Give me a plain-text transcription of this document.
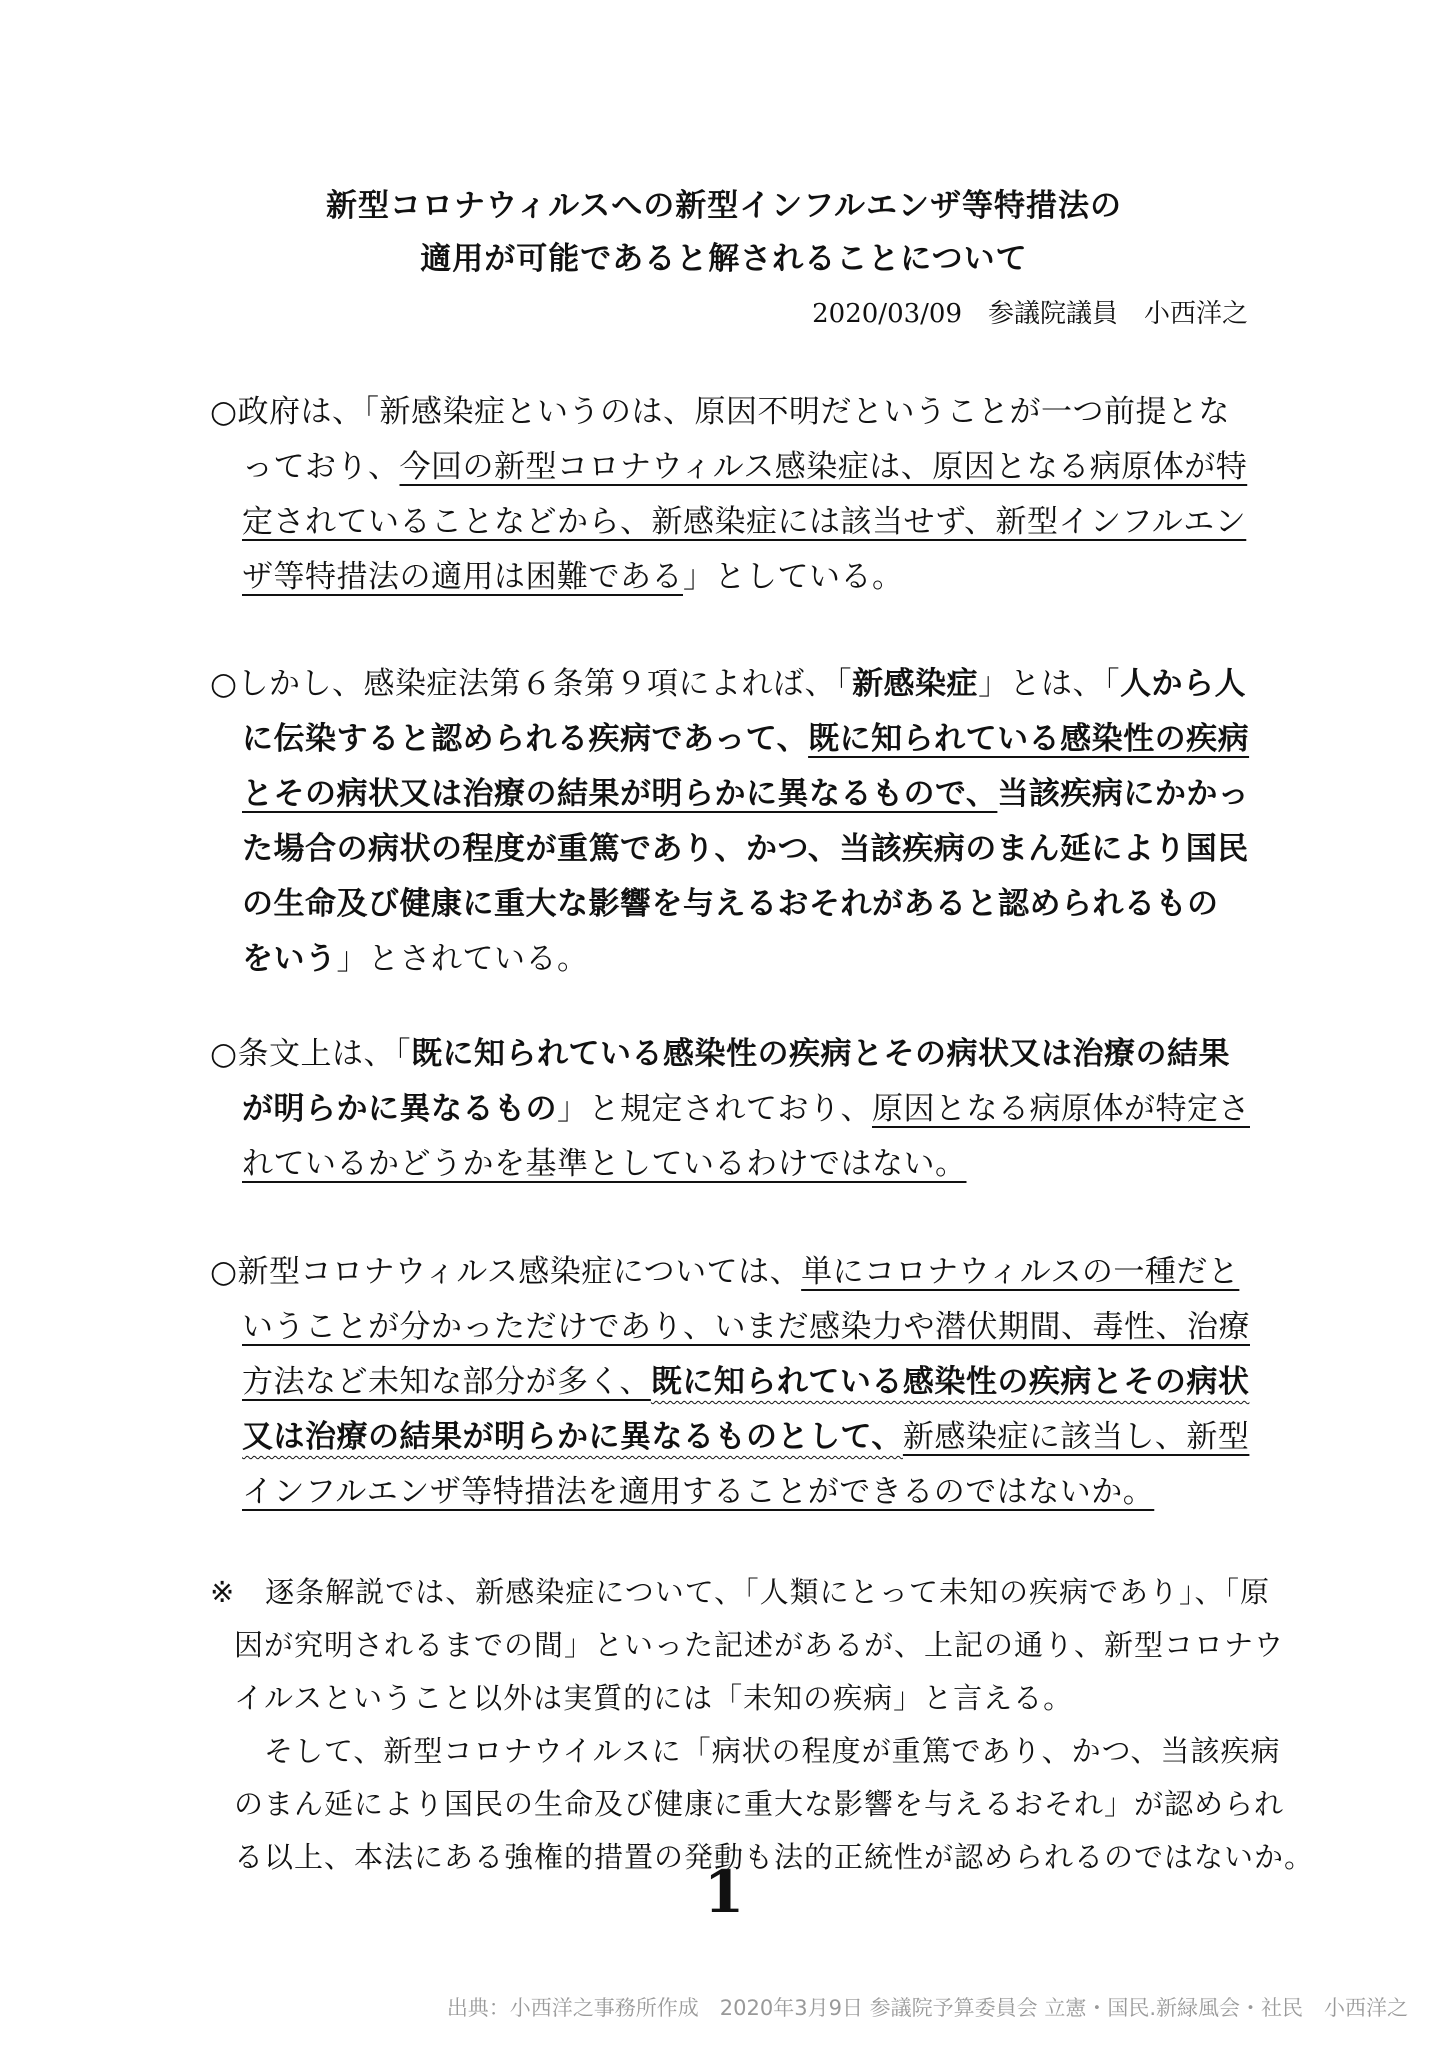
新型コロナウィルスへの新型インフルエンザ等特措法の
適用が可能であると解されることについて
2020/03/09　参議院議員　小西洋之
○政府は、「新感染症というのは、原因不明だということが一つ前提とな
っており、今回の新型コロナウィルス感染症は、原因となる病原体が特
定されていることなどから、新感染症には該当せず、新型インフルエン
ザ等特措法の適用は困難である」としている。
○しかし、感染症法第６条第９項によれば、「新感染症」とは、「人から人
に伝染すると認められる疾病であって、既に知られている感染性の疾病
とその病状又は治療の結果が明らかに異なるもので、当該疾病にかかっ
た場合の病状の程度が重篤であり、かつ、当該疾病のまん延により国民
の生命及び健康に重大な影響を与えるおそれがあると認められるもの
をいう」とされている。
○条文上は、「既に知られている感染性の疾病とその病状又は治療の結果
が明らかに異なるもの」と規定されており、原因となる病原体が特定さ
れているかどうかを基準としているわけではない。
○新型コロナウィルス感染症については、単にコロナウィルスの一種だと
いうことが分かっただけであり、いまだ感染力や潜伏期間、毒性、治療
方法など未知な部分が多く、既に知られている感染性の疾病とその病状
又は治療の結果が明らかに異なるものとして、新感染症に該当し、新型
インフルエンザ等特措法を適用することができるのではないか。
※　逐条解説では、新感染症について、「人類にとって未知の疾病であり」、「原
因が究明されるまでの間」といった記述があるが、上記の通り、新型コロナウ
イルスということ以外は実質的には「未知の疾病」と言える。
そして、新型コロナウイルスに「病状の程度が重篤であり、かつ、当該疾病
のまん延により国民の生命及び健康に重大な影響を与えるおそれ」が認められ
る以上、本法にある強権的措置の発動も法的正統性が認められるのではないか。
1
出典：小西洋之事務所作成　2020年3月9日 参議院予算委員会 立憲・国民.新緑風会・社民　小西洋之
